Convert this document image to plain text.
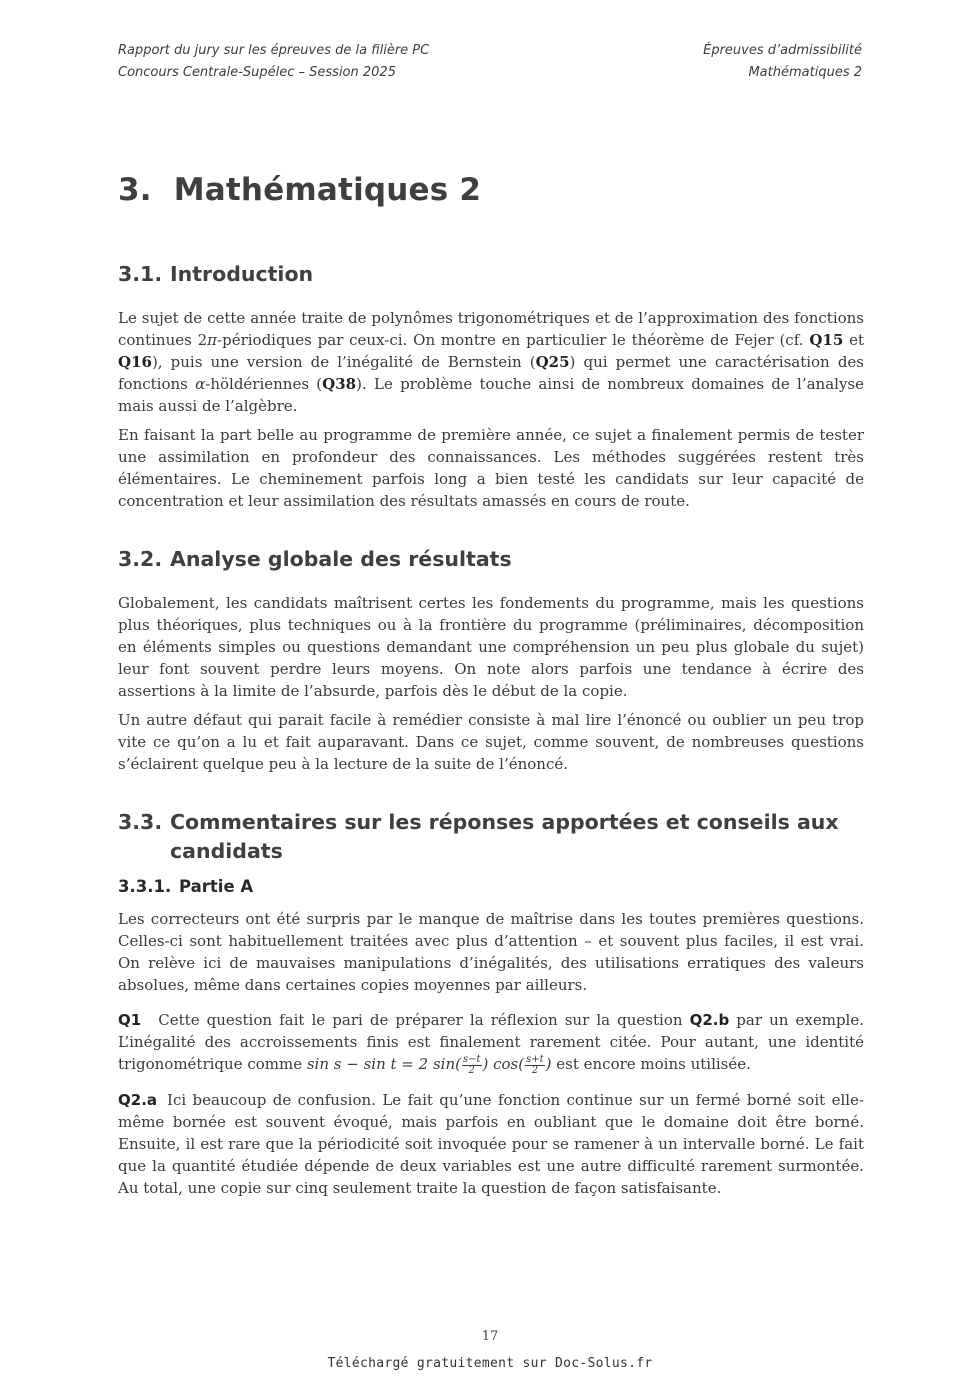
Rapport du jury sur les épreuves de la filière PC
Concours Centrale-Supélec – Session 2025
Épreuves d’admissibilité
Mathématiques 2
3. Mathématiques 2
3.1. Introduction

Le sujet de cette année traite de polynômes trigonométriques et de l’approximation des fonctions continues 2π-périodiques par ceux-ci. On montre en particulier le théorème de Fejer (cf. Q15 et Q16), puis une version de l’inégalité de Bernstein (Q25) qui permet une caractérisation des fonctions α-höldériennes (Q38). Le problème touche ainsi de nombreux domaines de l’analyse mais aussi de l’algèbre.

En faisant la part belle au programme de première année, ce sujet a finalement permis de tester une assimilation en profondeur des connaissances. Les méthodes suggérées restent très élémentaires. Le cheminement parfois long a bien testé les candidats sur leur capacité de concentration et leur assimilation des résultats amassés en cours de route.

3.2. Analyse globale des résultats

Globalement, les candidats maîtrisent certes les fondements du programme, mais les questions plus théoriques, plus techniques ou à la frontière du programme (préliminaires, décomposition en éléments simples ou questions demandant une compréhension un peu plus globale du sujet) leur font souvent perdre leurs moyens. On note alors parfois une tendance à écrire des assertions à la limite de l’absurde, parfois dès le début de la copie.

Un autre défaut qui parait facile à remédier consiste à mal lire l’énoncé ou oublier un peu trop vite ce qu’on a lu et fait auparavant. Dans ce sujet, comme souvent, de nombreuses questions s’éclairent quelque peu à la lecture de la suite de l’énoncé.

3.3. Commentaires sur les réponses apportées et conseils aux candidats
3.3.1. Partie A

Les correcteurs ont été surpris par le manque de maîtrise dans les toutes premières questions. Celles-ci sont habituellement traitées avec plus d’attention – et souvent plus faciles, il est vrai. On relève ici de mauvaises manipulations d’inégalités, des utilisations erratiques des valeurs absolues, même dans certaines copies moyennes par ailleurs.

Q1 Cette question fait le pari de préparer la réflexion sur la question Q2.b par un exemple. L’inégalité des accroissements finis est finalement rarement citée. Pour autant, une identité trigonométrique comme sin s − sin t = 2 $\sin( \frac{s-t}{2}$ ) $\cos( \frac{s+t}{2}$ ) est encore moins utilisée.

Q2.a Ici beaucoup de confusion. Le fait qu’une fonction continue sur un fermé borné soit elle-même bornée est souvent évoqué, mais parfois en oubliant que le domaine doit être borné. Ensuite, il est rare que la périodicité soit invoquée pour se ramener à un intervalle borné. Le fait que la quantité étudiée dépende de deux variables est une autre difficulté rarement surmontée. Au total, une copie sur cinq seulement traite la question de façon satisfaisante.

17
Téléchargé gratuitement sur Doc-Solus.fr
